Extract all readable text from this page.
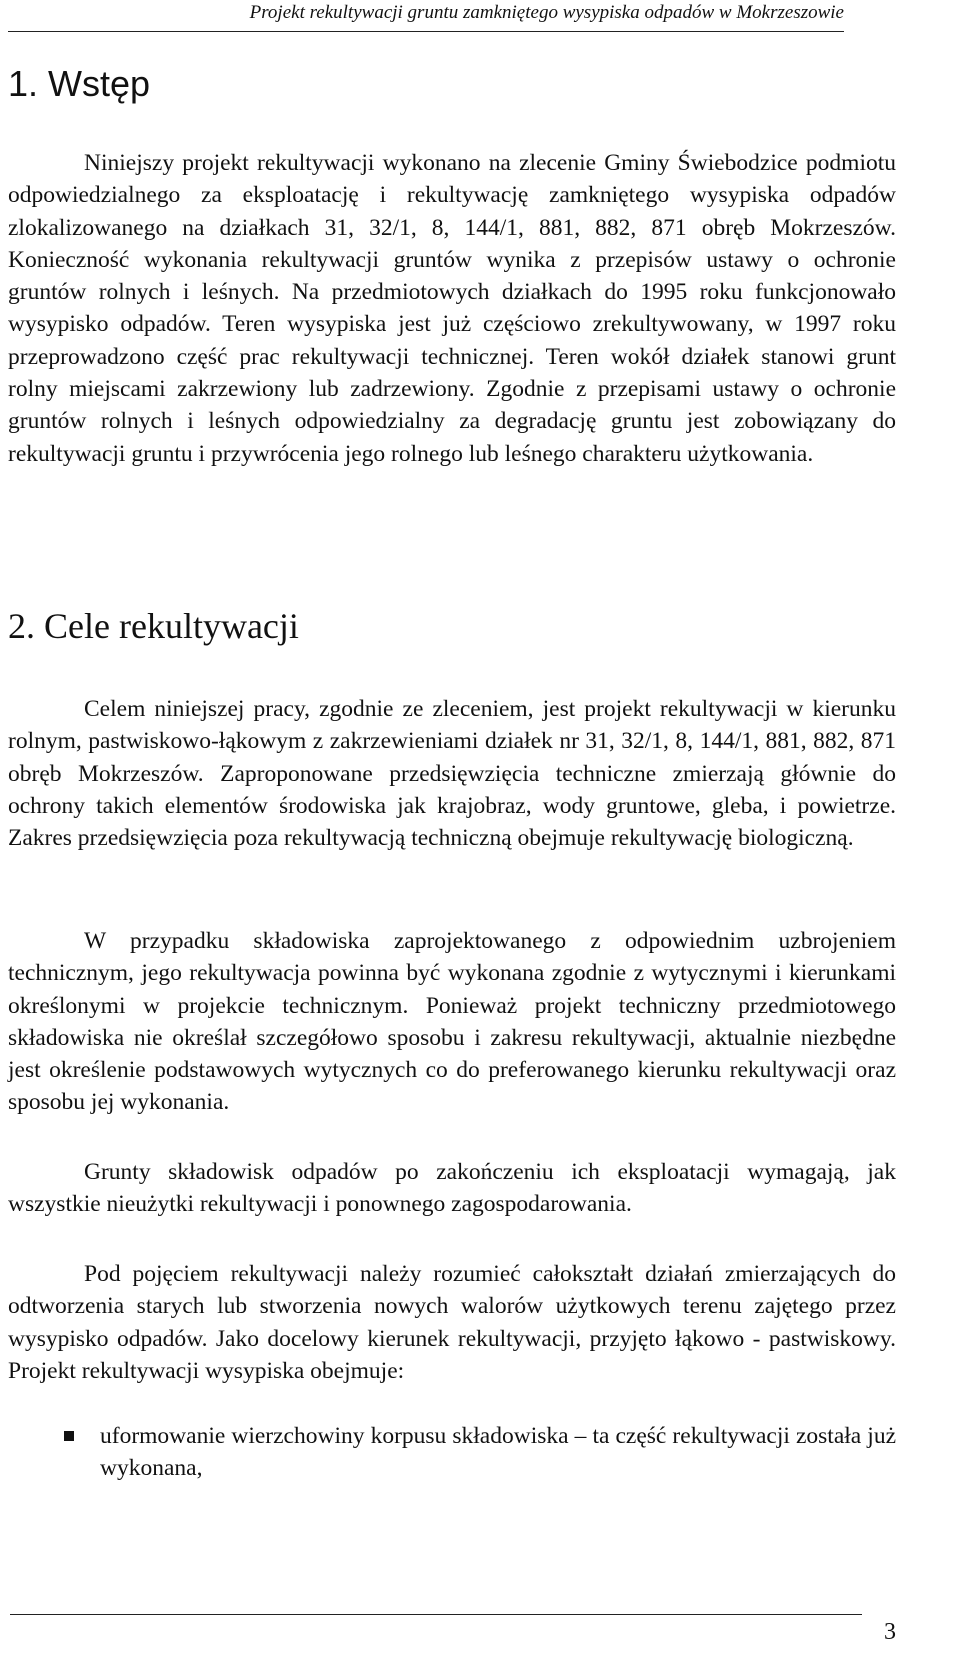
Projekt rekultywacji gruntu zamkniętego wysypiska odpadów w Mokrzeszowie
1. Wstęp

Niniejszy projekt rekultywacji wykonano na zlecenie Gminy Świebodzice podmiotu odpowiedzialnego za eksploatację i rekultywację zamkniętego wysypiska odpadów zlokalizowanego na działkach 31, 32/1, 8, 144/1, 881, 882, 871 obręb Mokrzeszów. Konieczność wykonania rekultywacji gruntów wynika z przepisów ustawy o ochronie gruntów rolnych i leśnych. Na przedmiotowych działkach do 1995 roku funkcjonowało wysypisko odpadów. Teren wysypiska jest już częściowo zrekultywowany, w 1997 roku przeprowadzono część prac rekultywacji technicznej. Teren wokół działek stanowi grunt rolny miejscami zakrzewiony lub zadrzewiony. Zgodnie z przepisami ustawy o ochronie gruntów rolnych i leśnych odpowiedzialny za degradację gruntu jest zobowiązany do rekultywacji gruntu i przywrócenia jego rolnego lub leśnego charakteru użytkowania.

2. Cele rekultywacji

Celem niniejszej pracy, zgodnie ze zleceniem, jest projekt rekultywacji w kierunku rolnym, pastwiskowo-łąkowym z zakrzewieniami działek nr 31, 32/1, 8, 144/1, 881, 882, 871 obręb Mokrzeszów. Zaproponowane przedsięwzięcia techniczne zmierzają głównie do ochrony takich elementów środowiska jak krajobraz, wody gruntowe, gleba, i powietrze. Zakres przedsięwzięcia poza rekultywacją techniczną obejmuje rekultywację biologiczną.

W przypadku składowiska zaprojektowanego z odpowiednim uzbrojeniem technicznym, jego rekultywacja powinna być wykonana zgodnie z wytycznymi i kierunkami określonymi w projekcie technicznym. Ponieważ projekt techniczny przedmiotowego składowiska nie określał szczegółowo sposobu i zakresu rekultywacji, aktualnie niezbędne jest określenie podstawowych wytycznych co do preferowanego kierunku rekultywacji oraz sposobu jej wykonania.

Grunty składowisk odpadów po zakończeniu ich eksploatacji wymagają, jak wszystkie nieużytki rekultywacji i ponownego zagospodarowania.

Pod pojęciem rekultywacji należy rozumieć całokształt działań zmierzających do odtworzenia starych lub stworzenia nowych walorów użytkowych terenu zajętego przez wysypisko odpadów. Jako docelowy kierunek rekultywacji, przyjęto łąkowo - pastwiskowy. Projekt rekultywacji wysypiska obejmuje:

uformowanie wierzchowiny korpusu składowiska – ta część rekultywacji została już wykonana,
3
